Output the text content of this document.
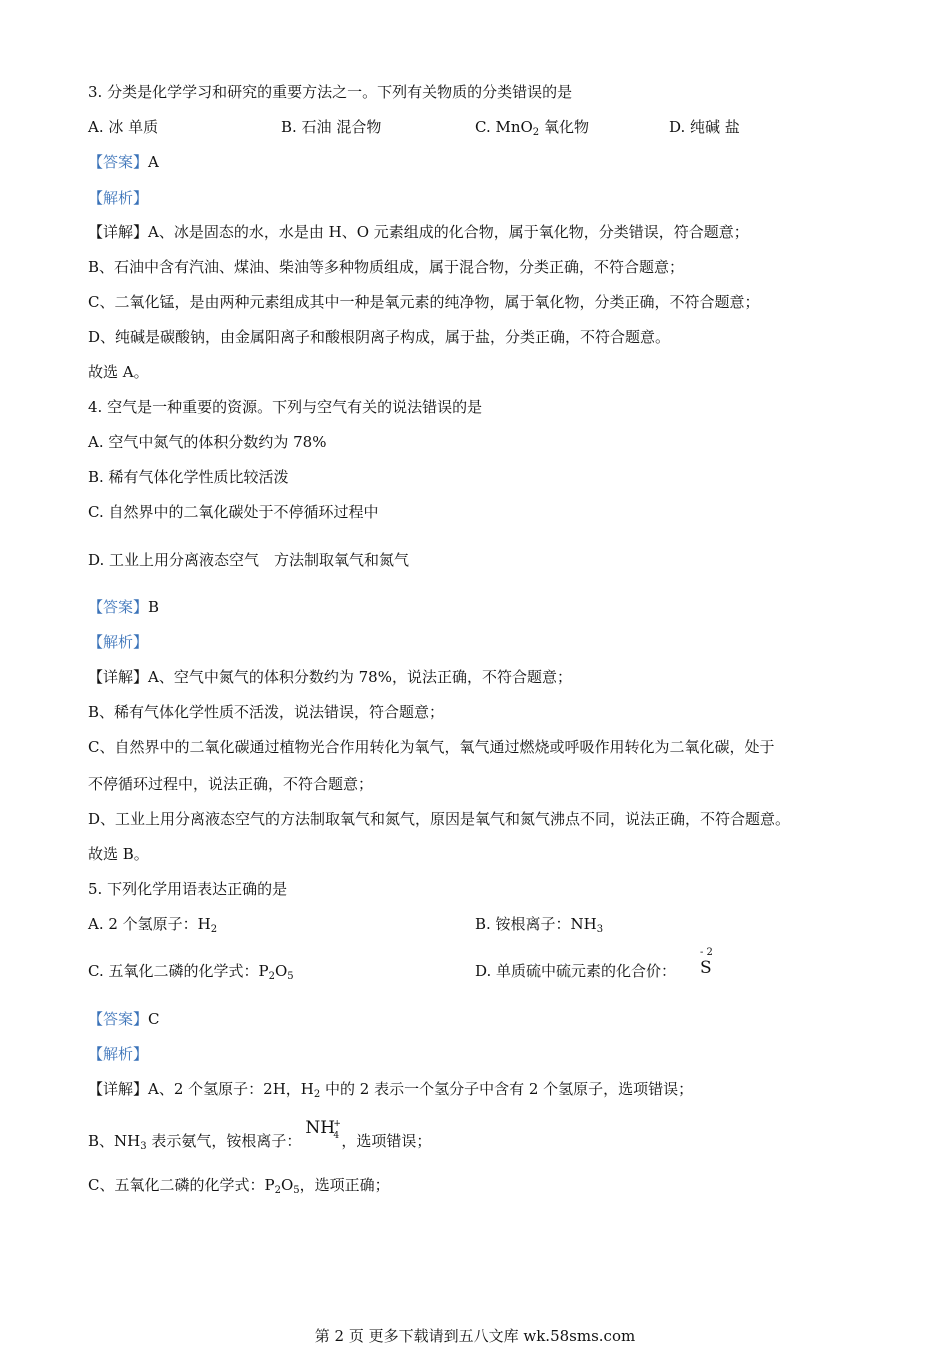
3. 分类是化学学习和研究的重要方法之一。下列有关物质的分类错误的是
A. 冰 单质	B. 石油 混合物	C. MnO$_2$ 氧化物	D. 纯碱 盐
【答案】A
【解析】
【详解】A、冰是固态的水，水是由 H、O 元素组成的化合物，属于氧化物，分类错误，符合题意；
B、石油中含有汽油、煤油、柴油等多种物质组成，属于混合物，分类正确，不符合题意；
C、二氧化锰，是由两种元素组成其中一种是氧元素的纯净物，属于氧化物，分类正确，不符合题意；
D、纯碱是碳酸钠，由金属阳离子和酸根阴离子构成，属于盐，分类正确，不符合题意。
故选 A。
4. 空气是一种重要的资源。下列与空气有关的说法错误的是
A. 空气中氮气的体积分数约为 78%
B. 稀有气体化学性质比较活泼
C. 自然界中的二氧化碳处于不停循环过程中
D. 工业上用分离液态空气　方法制取氧气和氮气
【答案】B
【解析】
【详解】A、空气中氮气的体积分数约为 78%，说法正确，不符合题意；
B、稀有气体化学性质不活泼，说法错误，符合题意；
C、自然界中的二氧化碳通过植物光合作用转化为氧气，氧气通过燃烧或呼吸作用转化为二氧化碳，处于
不停循环过程中，说法正确，不符合题意；
D、工业上用分离液态空气的方法制取氧气和氮气，原因是氧气和氮气沸点不同，说法正确，不符合题意。
故选 B。
5. 下列化学用语表达正确的是
A. 2 个氢原子：$H_2$	B. 铵根离子：$NH_3$
C. 五氧化二磷的化学式：$P_2O_5$	D. 单质硫中硫元素的化合价：
- 2
S
【答案】C
【解析】
【详解】A、2 个氢原子：2H，$H_2$ 中的 2 表示一个氢分子中含有 2 个氢原子，选项错误；
B、$NH_3$ 表示氨气，铵根离子：
NH
+
4 ，选项错误；
C、五氧化二磷的化学式：$P_2O_5$，选项正确；
第 2 页 更多下载请到五八文库 wk.58sms.com
